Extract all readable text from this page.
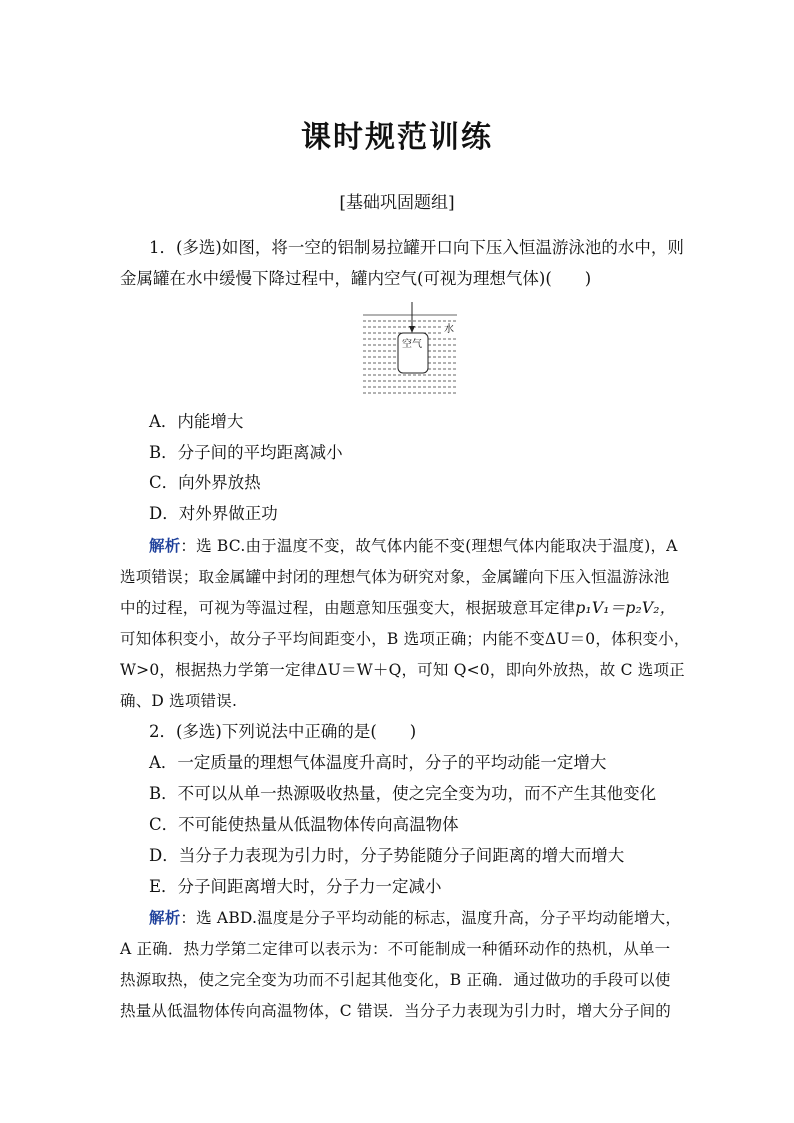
课时规范训练
[基础巩固题组]
1．(多选)如图，将一空的铝制易拉罐开口向下压入恒温游泳池的水中，则
金属罐在水中缓慢下降过程中，罐内空气(可视为理想气体)(　　)
空气
水
A．内能增大
B．分子间的平均距离减小
C．向外界放热
D．对外界做正功
解析：选 BC.由于温度不变，故气体内能不变(理想气体内能取决于温度)，A
选项错误；取金属罐中封闭的理想气体为研究对象，金属罐向下压入恒温游泳池
中的过程，可视为等温过程，由题意知压强变大，根据玻意耳定律p₁V₁＝p₂V₂，
可知体积变小，故分子平均间距变小，B 选项正确；内能不变ΔU＝0，体积变小，
W>0，根据热力学第一定律ΔU＝W＋Q，可知 Q<0，即向外放热，故 C 选项正
确、D 选项错误.
2．(多选)下列说法中正确的是(　　)
A．一定质量的理想气体温度升高时，分子的平均动能一定增大
B．不可以从单一热源吸收热量，使之完全变为功，而不产生其他变化
C．不可能使热量从低温物体传向高温物体
D．当分子力表现为引力时，分子势能随分子间距离的增大而增大
E．分子间距离增大时，分子力一定减小
解析：选 ABD.温度是分子平均动能的标志，温度升高，分子平均动能增大，
A 正确．热力学第二定律可以表示为：不可能制成一种循环动作的热机，从单一
热源取热，使之完全变为功而不引起其他变化，B 正确．通过做功的手段可以使
热量从低温物体传向高温物体，C 错误．当分子力表现为引力时，增大分子间的
